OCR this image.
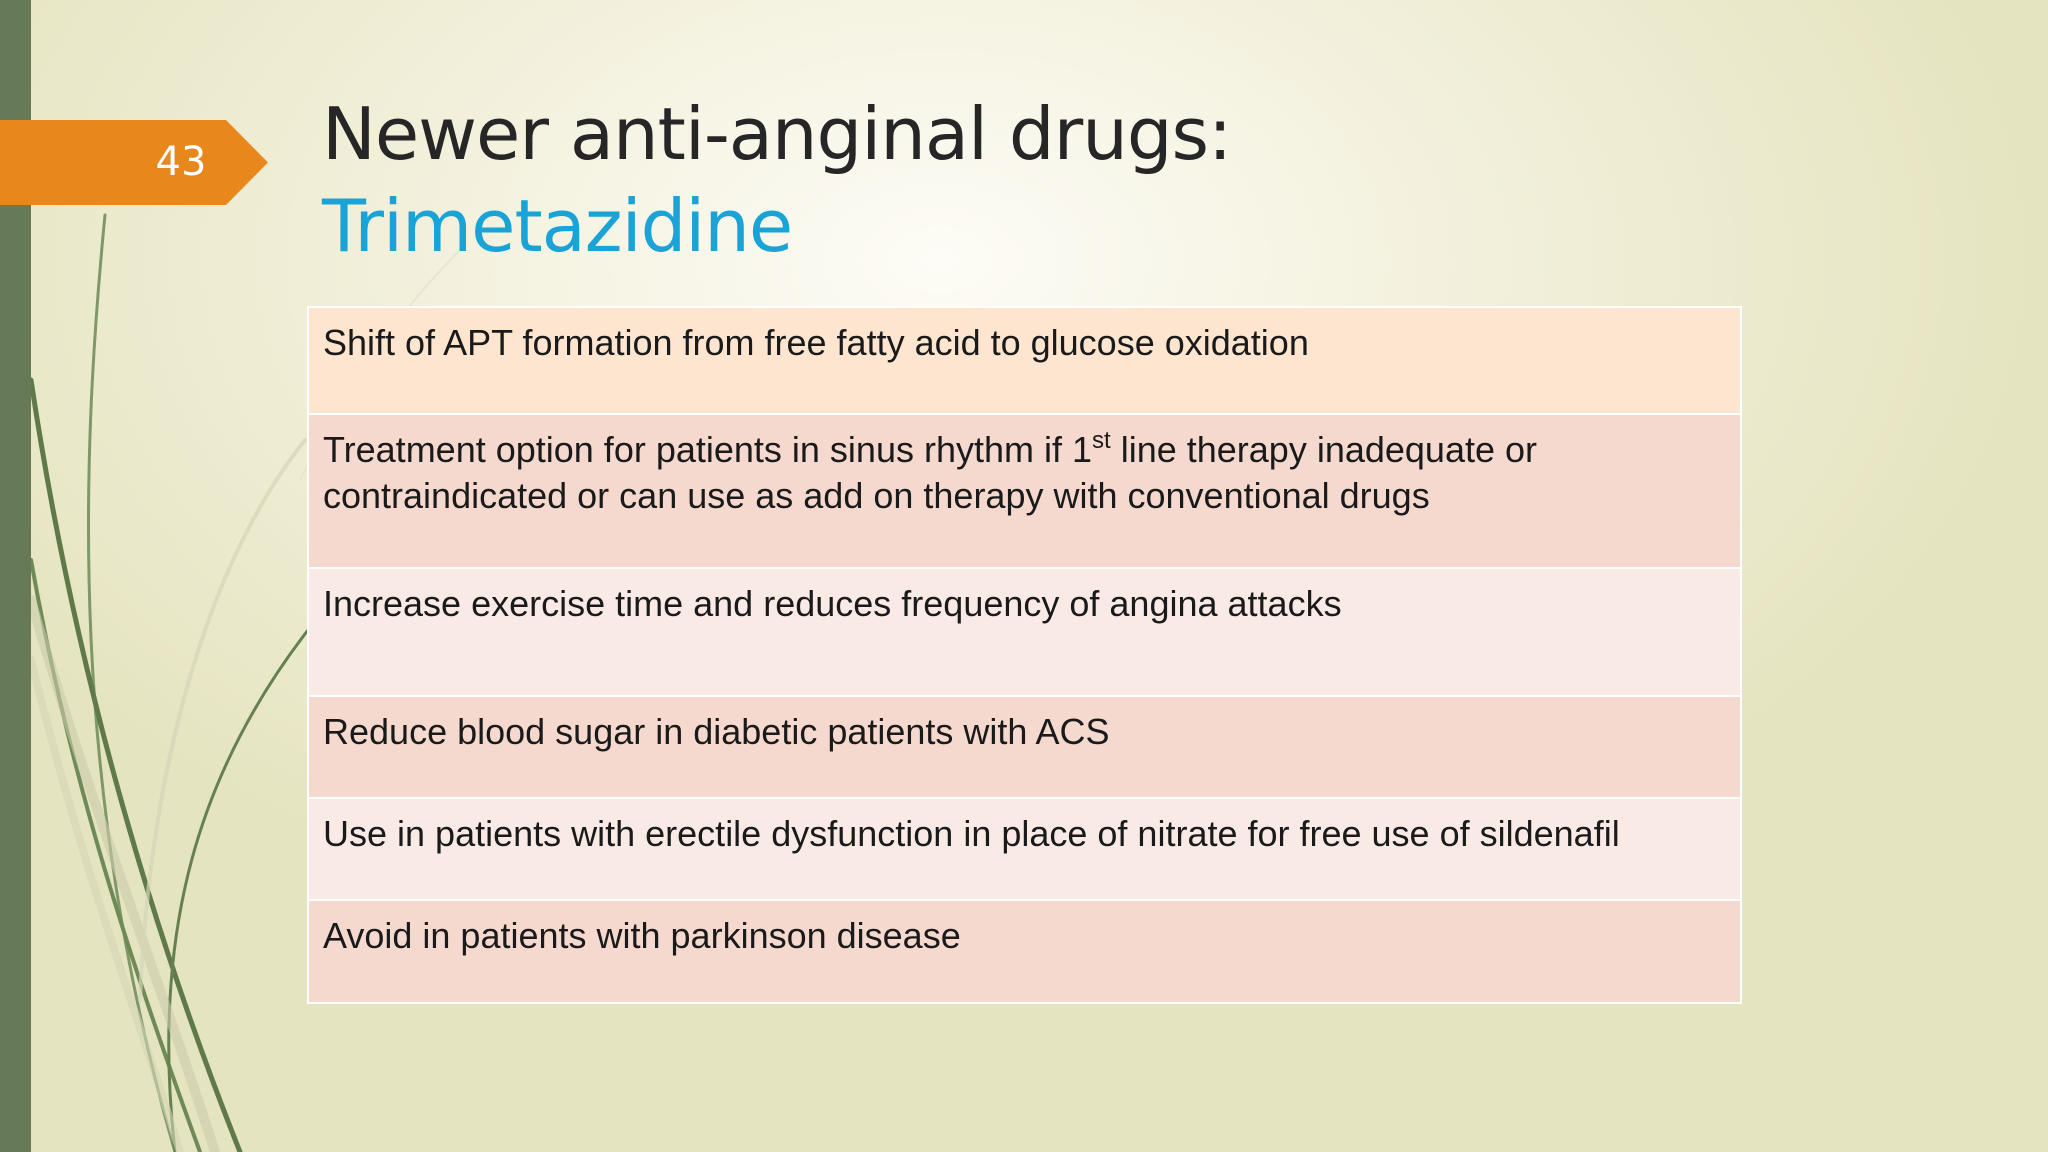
43	Newer anti-anginal drugs:
Trimetazidine
Shift of APT formation from free fatty acid to glucose oxidation
Treatment option for patients in sinus rhythm if 1st line therapy inadequate or contraindicated or can use as add on therapy with conventional drugs
Increase exercise time and reduces frequency of angina attacks
Reduce blood sugar in diabetic patients with ACS
Use in patients with erectile dysfunction in place of nitrate for free use of sildenafil
Avoid in patients with parkinson disease
